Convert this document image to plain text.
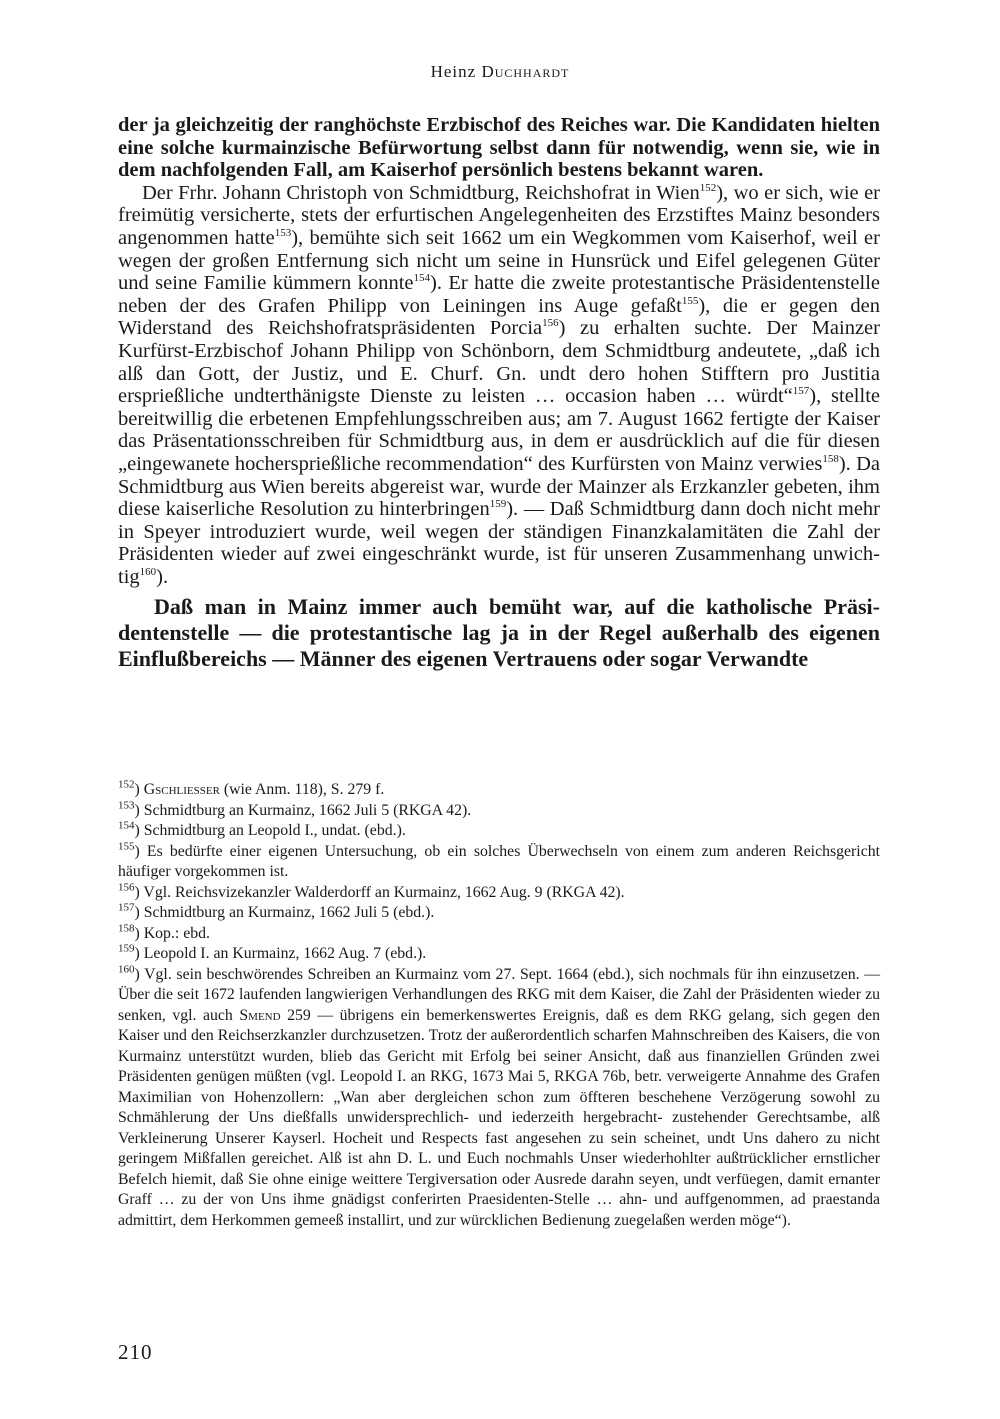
Heinz Duchhardt

der ja gleichzeitig der ranghöchste Erzbischof des Reiches war. Die Kandidaten hielten eine solche kurmainzische Befürwortung selbst dann für notwendig, wenn sie, wie in dem nachfolgenden Fall, am Kaiserhof persönlich bestens bekannt waren.

Der Frhr. Johann Christoph von Schmidtburg, Reichshofrat in Wien$^{152}$), wo er sich, wie er freimütig versicherte, stets der erfurtischen Angelegenheiten des Erzstiftes Mainz besonders angenommen hatte$^{153}$), bemühte sich seit 1662 um ein Wegkommen vom Kaiserhof, weil er wegen der großen Entfernung sich nicht um seine in Hunsrück und Eifel gelegenen Güter und seine Familie kümmern konnte$^{154}$). Er hatte die zweite protestantische Präsidentenstelle neben der des Grafen Philipp von Leiningen ins Auge gefaßt$^{155}$), die er gegen den Widerstand des Reichshofratspräsidenten Porcia$^{156}$) zu erhalten suchte. Der Mainzer Kurfürst-Erzbischof Johann Philipp von Schönborn, dem Schmidtburg andeutete, „daß ich alß dan Gott, der Justiz, und E. Churf. Gn. undt dero hohen Stifftern pro Justitia ersprießliche undterthänigste Dienste zu leisten … occasion haben … würdt“$^{157}$), stellte bereitwillig die erbetenen Empfehlungsschreiben aus; am 7. August 1662 fertigte der Kaiser das Präsentationsschreiben für Schmidtburg aus, in dem er ausdrücklich auf die für diesen „eingewanete hochersprießliche recommendation“ des Kurfürsten von Mainz verwies$^{158}$). Da Schmidtburg aus Wien bereits abgereist war, wurde der Mainzer als Erzkanzler gebeten, ihm diese kaiserliche Resolution zu hinterbringen$^{159}$). — Daß Schmidtburg dann doch nicht mehr in Speyer introduziert wurde, weil wegen der ständigen Finanzkalamitäten die Zahl der Präsidenten wieder auf zwei eingeschränkt wurde, ist für unseren Zusammenhang unwichtig$^{160}$).

Daß man in Mainz immer auch bemüht war, auf die katholische Präsidentenstelle — die protestantische lag ja in der Regel außerhalb des eigenen Einflußbereichs — Männer des eigenen Vertrauens oder sogar Verwandte

$^{152}$) Gschliesser (wie Anm. 118), S. 279 f.

$^{153}$) Schmidtburg an Kurmainz, 1662 Juli 5 (RKGA 42).

$^{154}$) Schmidtburg an Leopold I., undat. (ebd.).

$^{155}$) Es bedürfte einer eigenen Untersuchung, ob ein solches Überwechseln von einem zum anderen Reichsgericht häufiger vorgekommen ist.

$^{156}$) Vgl. Reichsvizekanzler Walderdorff an Kurmainz, 1662 Aug. 9 (RKGA 42).

$^{157}$) Schmidtburg an Kurmainz, 1662 Juli 5 (ebd.).

$^{158}$) Kop.: ebd.

$^{159}$) Leopold I. an Kurmainz, 1662 Aug. 7 (ebd.).

$^{160}$) Vgl. sein beschwörendes Schreiben an Kurmainz vom 27. Sept. 1664 (ebd.), sich nochmals für ihn einzusetzen. — Über die seit 1672 laufenden langwierigen Verhandlungen des RKG mit dem Kaiser, die Zahl der Präsidenten wieder zu senken, vgl. auch Smend 259 — übrigens ein bemerkenswertes Ereignis, daß es dem RKG gelang, sich gegen den Kaiser und den Reichserzkanzler durchzusetzen. Trotz der außerordentlich scharfen Mahnschreiben des Kaisers, die von Kurmainz unterstützt wurden, blieb das Gericht mit Erfolg bei seiner Ansicht, daß aus finanziellen Gründen zwei Präsidenten genügen müßten (vgl. Leopold I. an RKG, 1673 Mai 5, RKGA 76b, betr. verweigerte Annahme des Grafen Maximilian von Hohenzollern: „Wan aber dergleichen schon zum öffteren beschehene Verzögerung sowohl zu Schmählerung der Uns dießfalls unwidersprechlich- und iederzeith hergebracht- zustehender Gerechtsambe, alß Verkleinerung Unserer Kayserl. Hocheit und Respects fast angesehen zu sein scheinet, undt Uns dahero zu nicht geringem Mißfallen gereichet. Alß ist ahn D. L. und Euch nochmahls Unser wiederhohlter außtrücklicher ernstlicher Befelch hiemit, daß Sie ohne einige weittere Tergiversation oder Ausrede darahn seyen, undt verfüegen, damit ernanter Graff … zu der von Uns ihme gnädigst conferirten Praesidenten-Stelle … ahn- und auffgenommen, ad praestanda admittirt, dem Herkommen gemeeß installirt, und zur würcklichen Bedienung zuegelaßen werden möge“).

210
